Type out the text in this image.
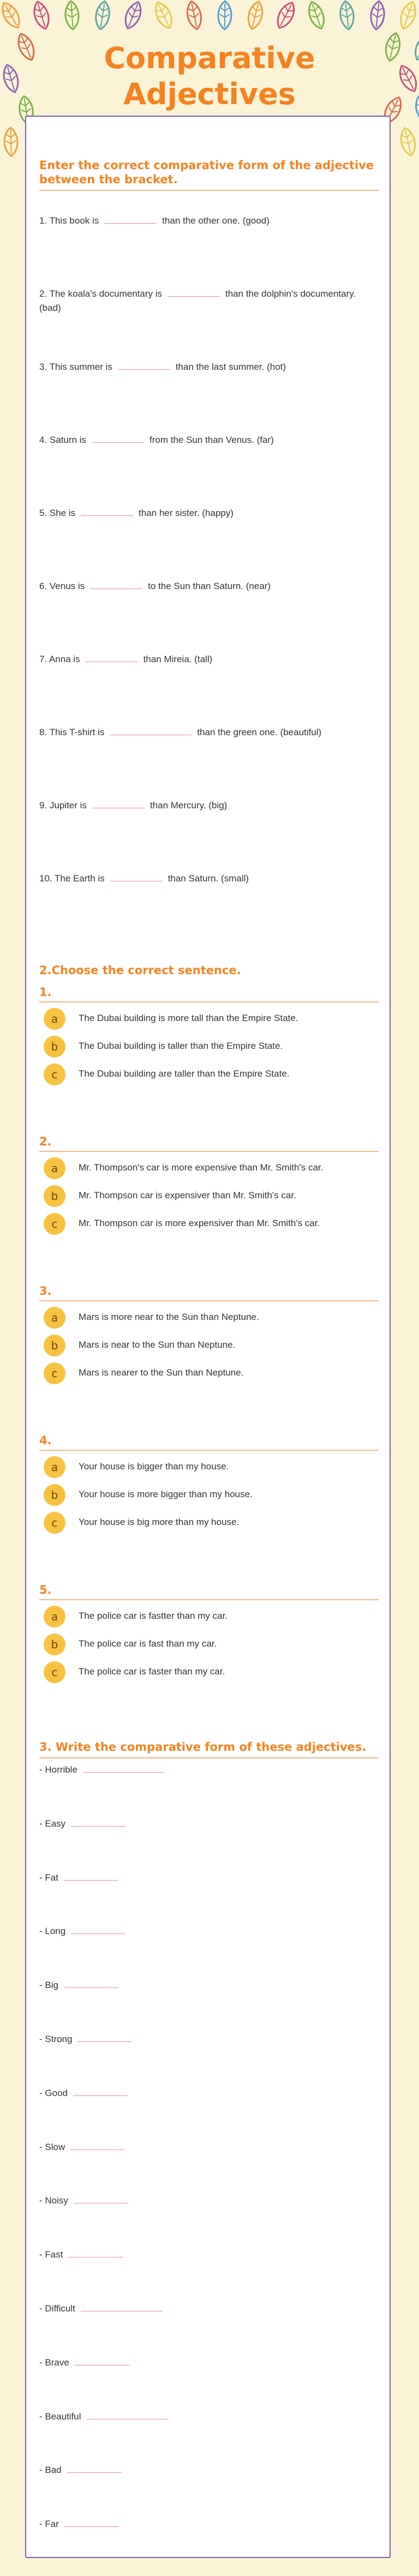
Comparative Adjectives
Enter the correct comparative form of the adjective between the bracket.
1. This book is	than the other one. (good)
2. The koala's documentary is	than the dolphin's documentary. (bad)
3. This summer is	than the last summer. (hot)
4. Saturn is	from the Sun than Venus. (far)
5. She is	than her sister. (happy)
6. Venus is	to the Sun than Saturn. (near)
7. Anna is	than Mireia. (tall)
8. This T-shirt is	than the green one. (beautiful)
9. Jupiter is	than Mercury. (big)
10. The Earth is	than Saturn. (small)
2.Choose the correct sentence.
1.
a	The Dubai building is more tall than the Empire State.
b	The Dubai building is taller than the Empire State.
c	The Dubai building are taller than the Empire State.
2.
a	Mr. Thompson's car is more expensive than Mr. Smith's car.
b	Mr. Thompson car is expensiver than Mr. Smith's car.
c	Mr. Thompson car is more expensiver than Mr. Smith's car.
3.
a	Mars is more near to the Sun than Neptune.
b	Mars is near to the Sun than Neptune.
c	Mars is nearer to the Sun than Neptune.
4.
a	Your house is bigger than my house.
b	Your house is more bigger than my house.
c	Your house is big more than my house.
5.
a	The police car is fastter than my car.
b	The police car is fast than my car.
c	The police car is faster than my car.
3. Write the comparative form of these adjectives.
- Horrible
- Easy
- Fat
- Long
- Big
- Strong
- Good
- Slow
- Noisy
- Fast
- Difficult
- Brave
- Beautiful
- Bad
- Far
